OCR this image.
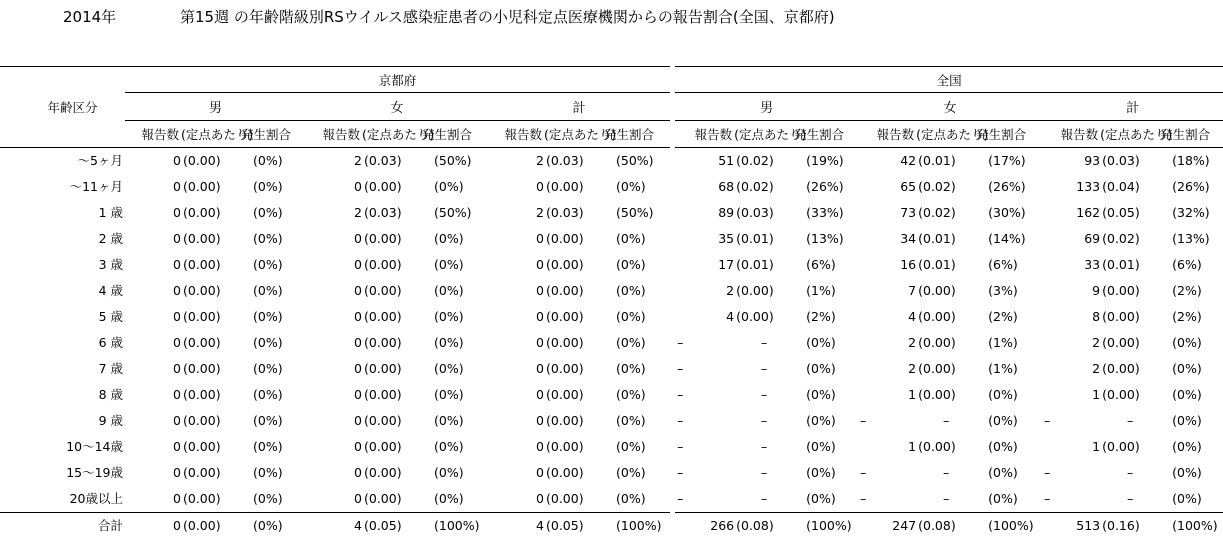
2014年	第15週 の年齢階級別RSウイルス感染症患者の小児科定点医療機関からの報告割合(全国、京都府)
年齢区分	京都府										全国								
	男			女			計				男			女			計		
	報告数	(定点あたり)	発生割合	報告数	(定点あたり)	発生割合	報告数	(定点あたり)	発生割合		報告数	(定点あたり)	発生割合	報告数	(定点あたり)	発生割合	報告数	(定点あたり)	発生割合
～5ヶ月	0	(0.00)	(0%)	2	(0.03)	(50%)	2	(0.03)	(50%)		51	(0.02)	(19%)	42	(0.01)	(17%)	93	(0.03)	(18%)
～11ヶ月	0	(0.00)	(0%)	0	(0.00)	(0%)	0	(0.00)	(0%)		68	(0.02)	(26%)	65	(0.02)	(26%)	133	(0.04)	(26%)
1 歳	0	(0.00)	(0%)	2	(0.03)	(50%)	2	(0.03)	(50%)		89	(0.03)	(33%)	73	(0.02)	(30%)	162	(0.05)	(32%)
2 歳	0	(0.00)	(0%)	0	(0.00)	(0%)	0	(0.00)	(0%)		35	(0.01)	(13%)	34	(0.01)	(14%)	69	(0.02)	(13%)
3 歳	0	(0.00)	(0%)	0	(0.00)	(0%)	0	(0.00)	(0%)		17	(0.01)	(6%)	16	(0.01)	(6%)	33	(0.01)	(6%)
4 歳	0	(0.00)	(0%)	0	(0.00)	(0%)	0	(0.00)	(0%)		2	(0.00)	(1%)	7	(0.00)	(3%)	9	(0.00)	(2%)
5 歳	0	(0.00)	(0%)	0	(0.00)	(0%)	0	(0.00)	(0%)		4	(0.00)	(2%)	4	(0.00)	(2%)	8	(0.00)	(2%)
6 歳	0	(0.00)	(0%)	0	(0.00)	(0%)	0	(0.00)	(0%)		–	–	(0%)	2	(0.00)	(1%)	2	(0.00)	(0%)
7 歳	0	(0.00)	(0%)	0	(0.00)	(0%)	0	(0.00)	(0%)		–	–	(0%)	2	(0.00)	(1%)	2	(0.00)	(0%)
8 歳	0	(0.00)	(0%)	0	(0.00)	(0%)	0	(0.00)	(0%)		–	–	(0%)	1	(0.00)	(0%)	1	(0.00)	(0%)
9 歳	0	(0.00)	(0%)	0	(0.00)	(0%)	0	(0.00)	(0%)		–	–	(0%)	–	–	(0%)	–	–	(0%)
10～14歳	0	(0.00)	(0%)	0	(0.00)	(0%)	0	(0.00)	(0%)		–	–	(0%)	1	(0.00)	(0%)	1	(0.00)	(0%)
15～19歳	0	(0.00)	(0%)	0	(0.00)	(0%)	0	(0.00)	(0%)		–	–	(0%)	–	–	(0%)	–	–	(0%)
20歳以上	0	(0.00)	(0%)	0	(0.00)	(0%)	0	(0.00)	(0%)		–	–	(0%)	–	–	(0%)	–	–	(0%)
合計	0	(0.00)	(0%)	4	(0.05)	(100%)	4	(0.05)	(100%)		266	(0.08)	(100%)	247	(0.08)	(100%)	513	(0.16)	(100%)
